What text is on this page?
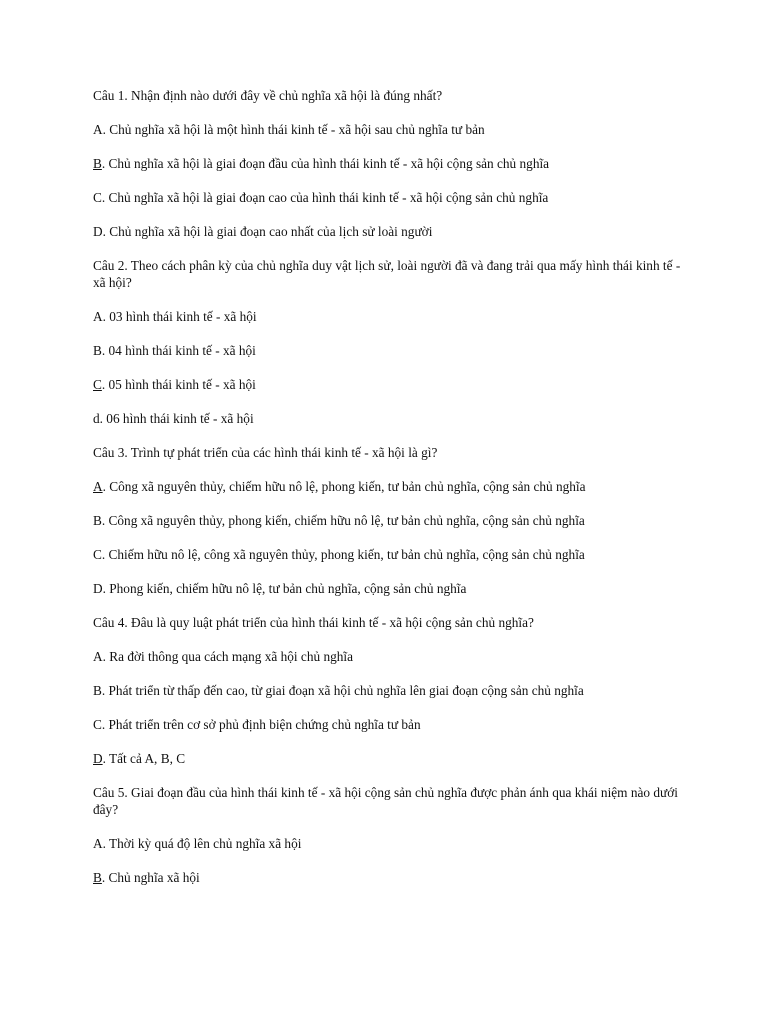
Câu 1. Nhận định nào dưới đây về chủ nghĩa xã hội là đúng nhất?

A. Chủ nghĩa xã hội là một hình thái kinh tế - xã hội sau chủ nghĩa tư bản

B. Chủ nghĩa xã hội là giai đoạn đầu của hình thái kinh tế - xã hội cộng sản chủ nghĩa

C. Chủ nghĩa xã hội là giai đoạn cao của hình thái kinh tế - xã hội cộng sản chủ nghĩa

D. Chủ nghĩa xã hội là giai đoạn cao nhất của lịch sử loài người

Câu 2. Theo cách phân kỳ của chủ nghĩa duy vật lịch sử, loài người đã và đang trải qua mấy hình thái kinh tế - xã hội?

A. 03 hình thái kinh tế - xã hội

B. 04 hình thái kinh tế - xã hội

C. 05 hình thái kinh tế - xã hội

d. 06 hình thái kinh tế - xã hội

Câu 3. Trình tự phát triển của các hình thái kinh tế - xã hội là gì?

A. Công xã nguyên thủy, chiếm hữu nô lệ, phong kiến, tư bản chủ nghĩa, cộng sản chủ nghĩa

B. Công xã nguyên thủy, phong kiến, chiếm hữu nô lệ, tư bản chủ nghĩa, cộng sản chủ nghĩa

C. Chiếm hữu nô lệ, công xã nguyên thủy, phong kiến, tư bản chủ nghĩa, cộng sản chủ nghĩa

D. Phong kiến, chiếm hữu nô lệ, tư bản chủ nghĩa, cộng sản chủ nghĩa

Câu 4. Đâu là quy luật phát triển của hình thái kinh tế - xã hội cộng sản chủ nghĩa?

A. Ra đời thông qua cách mạng xã hội chủ nghĩa

B. Phát triển từ thấp đến cao, từ giai đoạn xã hội chủ nghĩa lên giai đoạn cộng sản chủ nghĩa

C. Phát triển trên cơ sở phủ định biện chứng chủ nghĩa tư bản

D. Tất cả A, B, C

Câu 5. Giai đoạn đầu của hình thái kinh tế - xã hội cộng sản chủ nghĩa được phản ánh qua khái niệm nào dưới đây?

A. Thời kỳ quá độ lên chủ nghĩa xã hội

B. Chủ nghĩa xã hội
